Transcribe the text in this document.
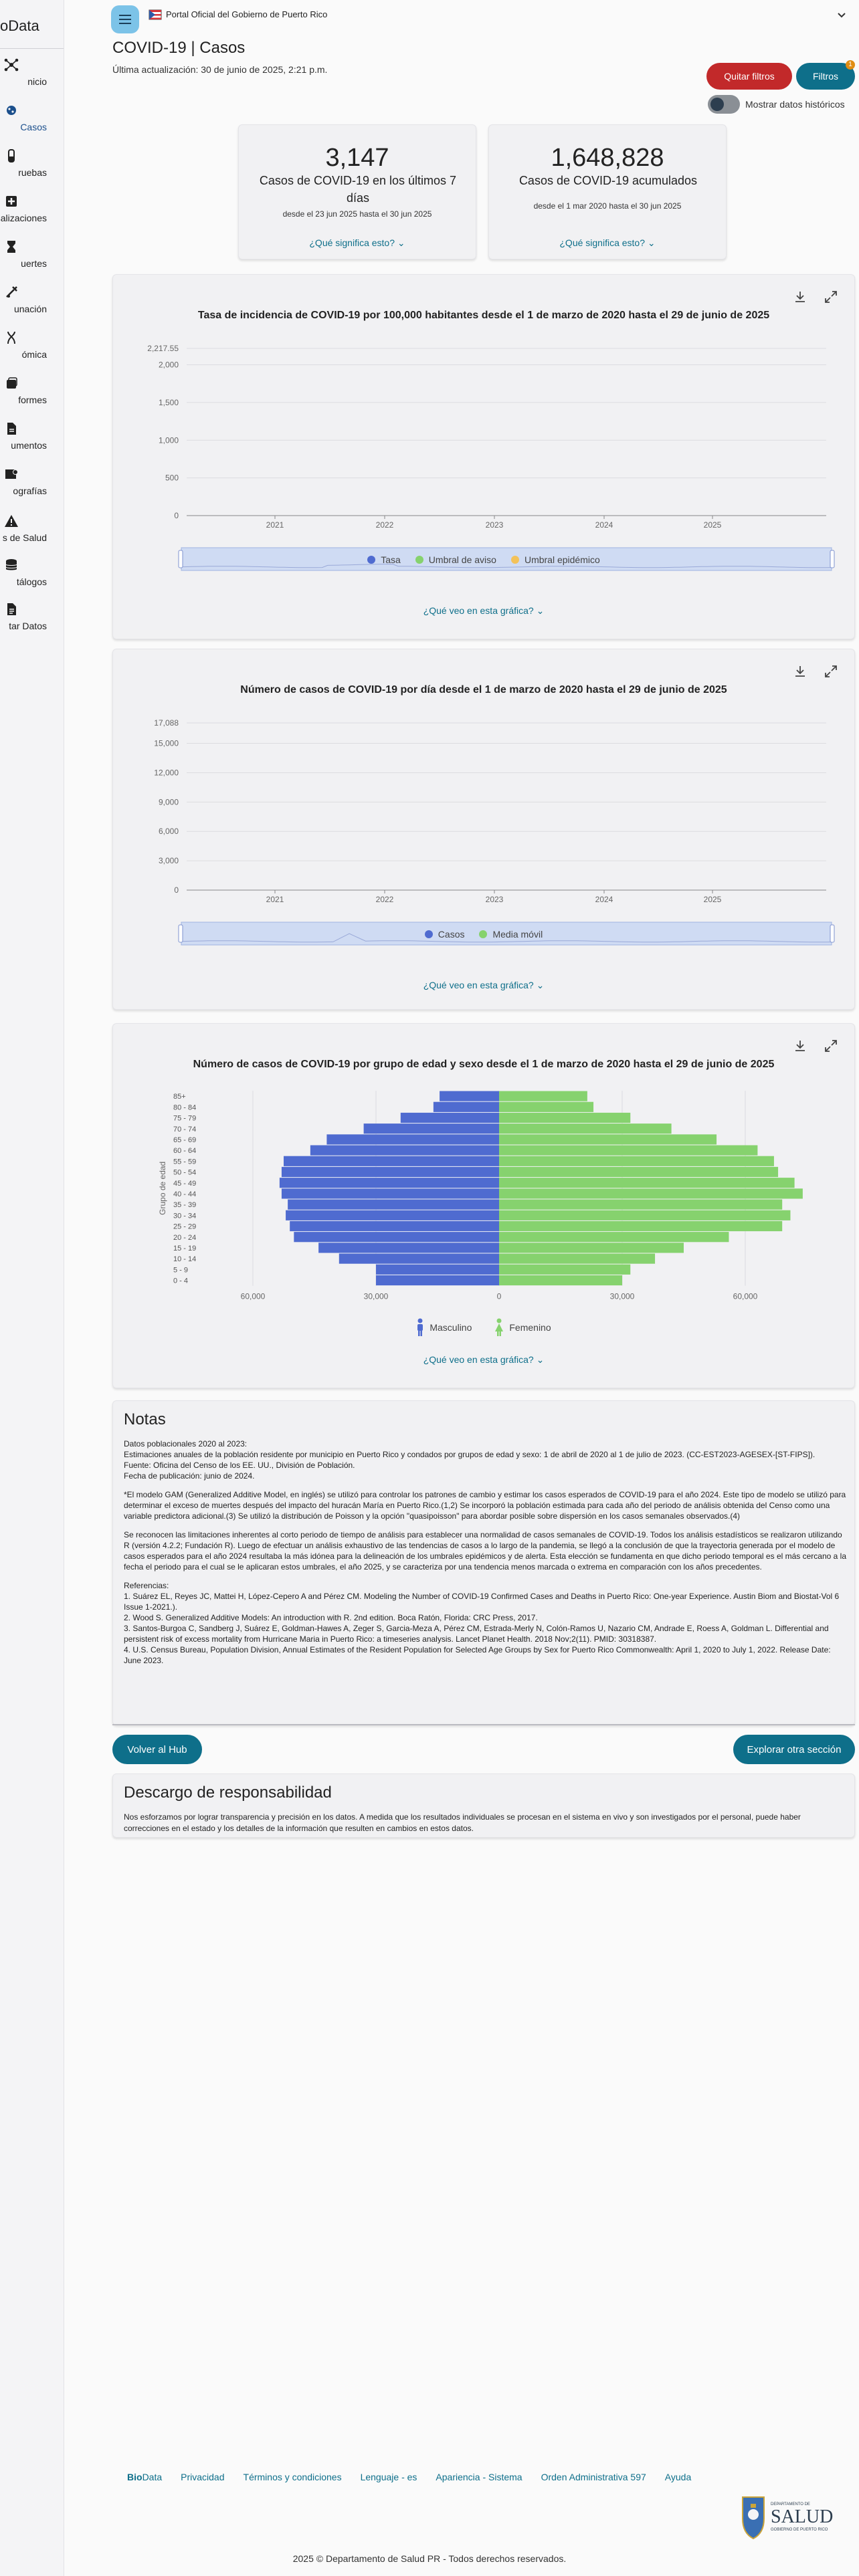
oData
nicio
Casos
ruebas
alizaciones
uertes
unación
ómica
formes
umentos
ografías
s de Salud
tálogos
tar Datos
Portal Oficial del Gobierno de Puerto Rico
COVID-19 | Casos
Última actualización: 30 de junio de 2025, 2:21 p.m.
Quitar filtros	Filtros
1
Mostrar datos históricos
3,147
Casos de COVID-19 en los últimos 7 días
desde el 23 jun 2025 hasta el 30 jun 2025
¿Qué significa esto? ⌄
1,648,828
Casos de COVID-19 acumulados
desde el 1 mar 2020 hasta el 30 jun 2025
¿Qué significa esto? ⌄
Tasa de incidencia de COVID-19 por 100,000 habitantes desde el 1 de marzo de 2020 hasta el 29 de junio de 2025
0
500
1,000
1,500
2,000
2,217.55
2021	2022	2023	2024	2025
Tasa	Umbral de aviso	Umbral epidémico
¿Qué veo en esta gráfica? ⌄
Número de casos de COVID-19 por día desde el 1 de marzo de 2020 hasta el 29 de junio de 2025
0
3,000
6,000
9,000
12,000
15,000
17,088
2021	2022	2023	2024	2025
Casos	Media móvil
¿Qué veo en esta gráfica? ⌄
Número de casos de COVID-19 por grupo de edad y sexo desde el 1 de marzo de 2020 hasta el 29 de junio de 2025
60,000	30,000	0	30,000	60,000
0 - 4
5 - 9
10 - 14
15 - 19
20 - 24
25 - 29
30 - 34
35 - 39
40 - 44
45 - 49
50 - 54
55 - 59
60 - 64
65 - 69
70 - 74
75 - 79
80 - 84
85+
Grupo de edad
Masculino	Femenino
¿Qué veo en esta gráfica? ⌄
Notas

Datos poblacionales 2020 al 2023:
Estimaciones anuales de la población residente por municipio en Puerto Rico y condados por grupos de edad y sexo: 1 de abril de 2020 al 1 de julio de 2023. (CC-EST2023-AGESEX-[ST-FIPS]).
Fuente: Oficina del Censo de los EE. UU., División de Población.
Fecha de publicación: junio de 2024.

*El modelo GAM (Generalized Additive Model, en inglés) se utilizó para controlar los patrones de cambio y estimar los casos esperados de COVID-19 para el año 2024. Este tipo de modelo se utilizó para determinar el exceso de muertes después del impacto del huracán María en Puerto Rico.(1,2) Se incorporó la población estimada para cada año del periodo de análisis obtenida del Censo como una variable predictora adicional.(3) Se utilizó la distribución de Poisson y la opción "quasipoisson" para abordar posible sobre dispersión en los casos semanales observados.(4)

Se reconocen las limitaciones inherentes al corto periodo de tiempo de análisis para establecer una normalidad de casos semanales de COVID-19. Todos los análisis estadísticos se realizaron utilizando R (versión 4.2.2; Fundación R). Luego de efectuar un análisis exhaustivo de las tendencias de casos a lo largo de la pandemia, se llegó a la conclusión de que la trayectoria generada por el modelo de casos esperados para el año 2024 resultaba la más idónea para la delineación de los umbrales epidémicos y de alerta. Esta elección se fundamenta en que dicho periodo temporal es el más cercano a la fecha el periodo para el cual se le aplicaran estos umbrales, el año 2025, y se caracteriza por una tendencia menos marcada o extrema en comparación con los años precedentes.

Referencias:
1. Suárez EL, Reyes JC, Mattei H, López-Cepero A and Pérez CM. Modeling the Number of COVID-19 Confirmed Cases and Deaths in Puerto Rico: One-year Experience. Austin Biom and Biostat-Vol 6 Issue 1-2021.).
2. Wood S. Generalized Additive Models: An introduction with R. 2nd edition. Boca Ratón, Florida: CRC Press, 2017.
3. Santos-Burgoa C, Sandberg J, Suárez E, Goldman-Hawes A, Zeger S, Garcia-Meza A, Pérez CM, Estrada-Merly N, Colón-Ramos U, Nazario CM, Andrade E, Roess A, Goldman L. Differential and persistent risk of excess mortality from Hurricane Maria in Puerto Rico: a timeseries analysis. Lancet Planet Health. 2018 Nov;2(11). PMID: 30318387.
4. U.S. Census Bureau, Population Division, Annual Estimates of the Resident Population for Selected Age Groups by Sex for Puerto Rico Commonwealth: April 1, 2020 to July 1, 2022. Release Date: June 2023.

Volver al Hub	Explorar otra sección
Descargo de responsabilidad

Nos esforzamos por lograr transparencia y precisión en los datos. A medida que los resultados individuales se procesan en el sistema en vivo y son investigados por el personal, puede haber correcciones en el estado y los detalles de la información que resulten en cambios en estos datos.

BioData Privacidad Términos y condiciones Lenguaje - es Apariencia - Sistema Orden Administrativa 597 Ayuda
DEPARTAMENTO DE
SALUD
GOBIERNO DE PUERTO RICO
2025 © Departamento de Salud PR - Todos derechos reservados.
